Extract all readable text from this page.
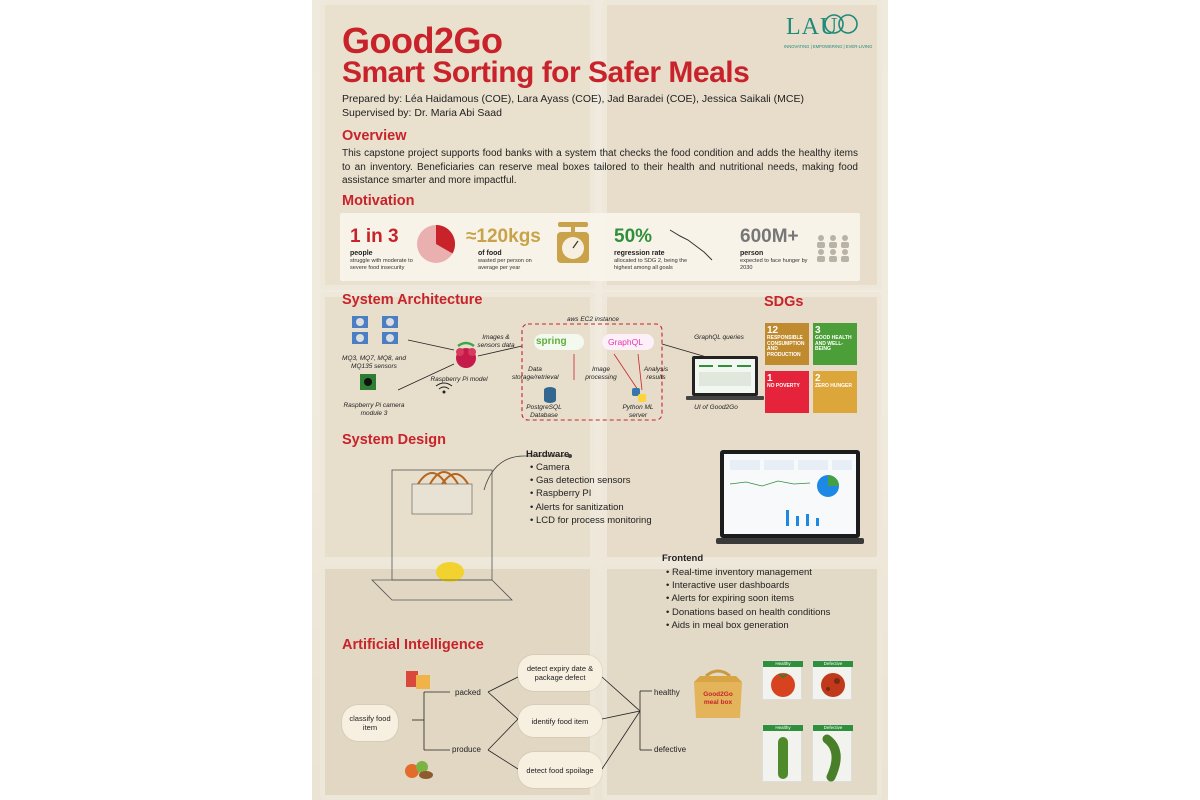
Good2Go
Smart Sorting for Safer Meals
Prepared by: Léa Haidamous (COE), Lara Ayass (COE), Jad Baradei (COE), Jessica Saikali (MCE)
Supervised by: Dr. Maria Abi Saad
LAU
INNOVATING | EMPOWERING | EVER-LIVING
Overview
This capstone project supports food banks with a system that checks the food condition and adds the healthy items to an inventory. Beneficiaries can reserve meal boxes tailored to their health and nutritional needs, making food assistance smarter and more impactful.
Motivation
1 in 3
people
struggle with moderate to severe food insecurity
≈120kgs
of food
wasted per person on average per year
50%
regression rate
allocated to SDG 2, being the highest among all goals
600M+
person
expected to face hunger by 2030
System Architecture	SDGs
MQ3, MQ7, MQ8, and MQ135 sensors
Raspberry Pi camera module 3
Raspberry Pi model
Images & sensors data
aws EC2 instance
spring	GraphQL	GraphQL queries
Data storage/retrieval
Image processing
Analysis results
PostgreSQL Database
Python ML server
UI of Good2Go
12
RESPONSIBLE CONSUMPTION AND PRODUCTION
3
GOOD HEALTH AND WELL-BEING
1
NO POVERTY
2
ZERO HUNGER
System Design
Hardware
• Camera
• Gas detection sensors
• Raspberry PI
• Alerts for sanitization
• LCD for process monitoring
Frontend
• Real-time inventory management
• Interactive user dashboards
• Alerts for expiring soon items
• Donations based on health conditions
• Aids in meal box generation
Artificial Intelligence
classify food item
packed
produce
detect expiry date & package defect
identify food item
detect food spoilage
healthy
defective
Good2Go meal box
Healthy	Defective
Healthy	Defective
